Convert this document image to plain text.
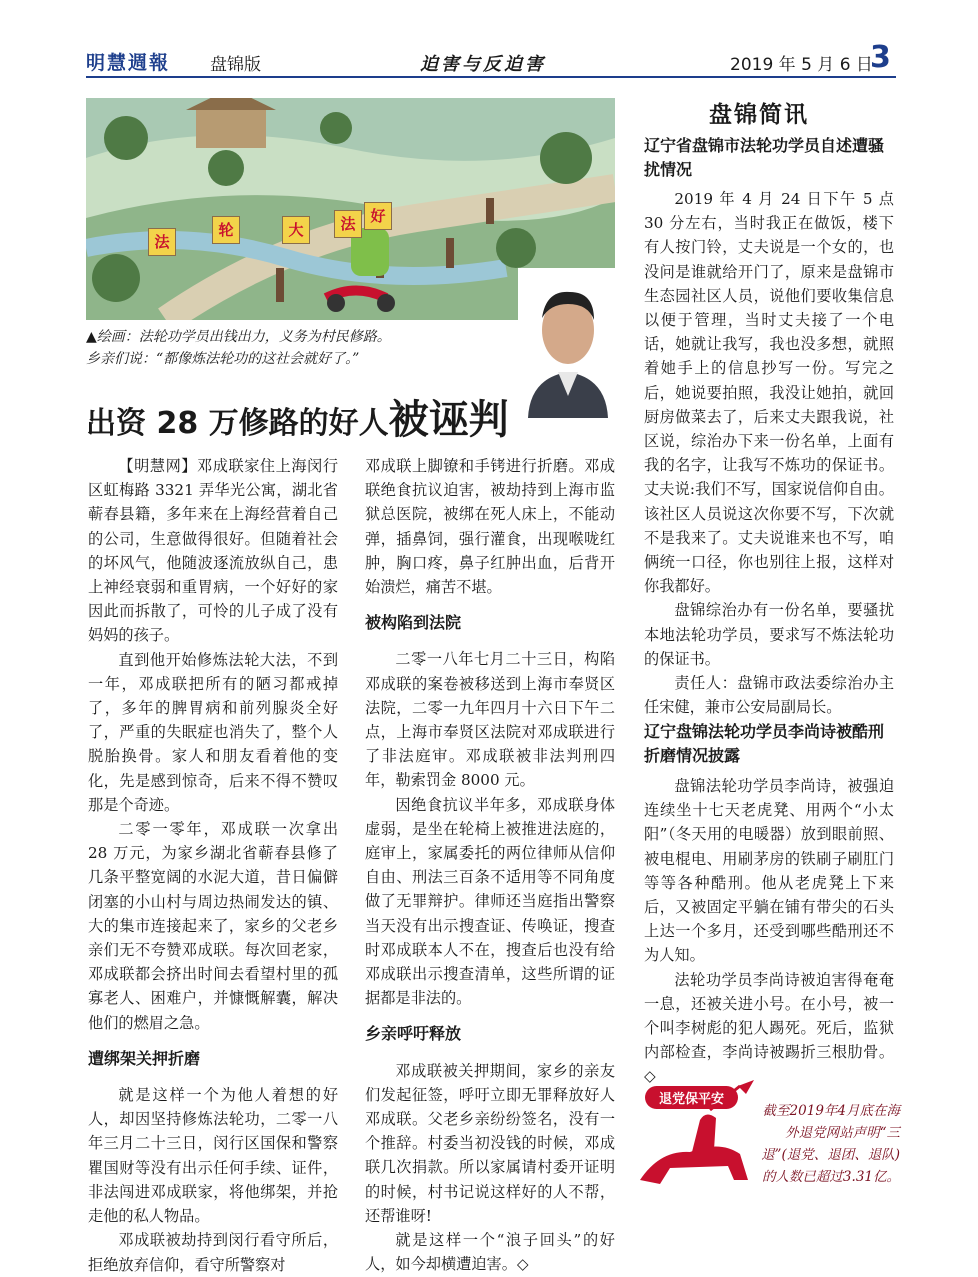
明慧週報 盘锦版	迫害与反迫害	2019 年 5 月 6 日
3
法
轮	大	法 好
▲绘画：法轮功学员出钱出力，义务为村民修路。
乡亲们说：“都像炼法轮功的这社会就好了。”
出资 28 万修路的好人被诬判

【明慧网】邓成联家住上海闵行区虹梅路 3321 弄华光公寓，湖北省蕲春县籍，多年来在上海经营着自己的公司，生意做得很好。但随着社会的坏风气，他随波逐流放纵自己，患上神经衰弱和重胃病，一个好好的家因此而拆散了，可怜的儿子成了没有妈妈的孩子。

直到他开始修炼法轮大法，不到一年，邓成联把所有的陋习都戒掉了，多年的脾胃病和前列腺炎全好了，严重的失眠症也消失了，整个人脱胎换骨。家人和朋友看着他的变化，先是感到惊奇，后来不得不赞叹那是个奇迹。

二零一零年，邓成联一次拿出 28 万元，为家乡湖北省蕲春县修了几条平整宽阔的水泥大道，昔日偏僻闭塞的小山村与周边热闹发达的镇、大的集市连接起来了，家乡的父老乡亲们无不夸赞邓成联。每次回老家，邓成联都会挤出时间去看望村里的孤寡老人、困难户，并慷慨解囊，解决他们的燃眉之急。

遭绑架关押折磨

就是这样一个为他人着想的好人，却因坚持修炼法轮功，二零一八年三月二十三日，闵行区国保和警察瞿国财等没有出示任何手续、证件，非法闯进邓成联家，将他绑架，并抢走他的私人物品。

邓成联被劫持到闵行看守所后，拒绝放弃信仰，看守所警察对

邓成联上脚镣和手铐进行折磨。邓成联绝食抗议迫害，被劫持到上海市监狱总医院，被绑在死人床上，不能动弹，插鼻饲，强行灌食，出现喉咙红肿，胸口疼，鼻子红肿出血，后背开始溃烂，痛苦不堪。

被构陷到法院

二零一八年七月二十三日，构陷邓成联的案卷被移送到上海市奉贤区法院，二零一九年四月十六日下午二点，上海市奉贤区法院对邓成联进行了非法庭审。邓成联被非法判刑四年，勒索罚金 8000 元。

因绝食抗议半年多，邓成联身体虚弱，是坐在轮椅上被推进法庭的，庭审上，家属委托的两位律师从信仰自由、刑法三百条不适用等不同角度做了无罪辩护。律师还当庭指出警察当天没有出示搜查证、传唤证，搜查时邓成联本人不在，搜查后也没有给邓成联出示搜查清单，这些所谓的证据都是非法的。

乡亲呼吁释放

邓成联被关押期间，家乡的亲友们发起征签，呼吁立即无罪释放好人邓成联。父老乡亲纷纷签名，没有一个推辞。村委当初没钱的时候，邓成联几次捐款。所以家属请村委开证明的时候，村书记说这样好的人不帮，还帮谁呀!

就是这样一个“浪子回头”的好人，如今却横遭迫害。◇

盘锦简讯
辽宁省盘锦市法轮功学员自述遭骚扰情况

2019 年 4 月 24 日下午 5 点 30 分左右，当时我正在做饭，楼下有人按门铃，丈夫说是一个女的，也没问是谁就给开门了，原来是盘锦市生态园社区人员，说他们要收集信息以便于管理，当时丈夫接了一个电话，她就让我写，我也没多想，就照着她手上的信息抄写一份。写完之后，她说要拍照，我没让她拍，就回厨房做菜去了，后来丈夫跟我说，社区说，综治办下来一份名单，上面有我的名字，让我写不炼功的保证书。丈夫说:我们不写，国家说信仰自由。该社区人员说这次你要不写，下次就不是我来了。丈夫说谁来也不写，咱俩统一口径，你也别往上报，这样对你我都好。

盘锦综治办有一份名单，要骚扰本地法轮功学员，要求写不炼法轮功的保证书。

责任人：盘锦市政法委综治办主任宋健，兼市公安局副局长。

辽宁盘锦法轮功学员李尚诗被酷刑折磨情况披露

盘锦法轮功学员李尚诗，被强迫连续坐十七天老虎凳、用两个“小太阳”（冬天用的电暖器）放到眼前照、被电棍电、用刷茅房的铁刷子刷肛门等等各种酷刑。他从老虎凳上下来后，又被固定平躺在铺有带尖的石头上达一个多月，还受到哪些酷刑还不为人知。

法轮功学员李尚诗被迫害得奄奄一息，还被关进小号。在小号，被一个叫李树彪的犯人踢死。死后，监狱内部检查，李尚诗被踢折三根肋骨。◇

退党保平安
截至2019年4月底在海外退党网站声明“三退”(退党、退团、退队)的人数已超过3.31亿。
